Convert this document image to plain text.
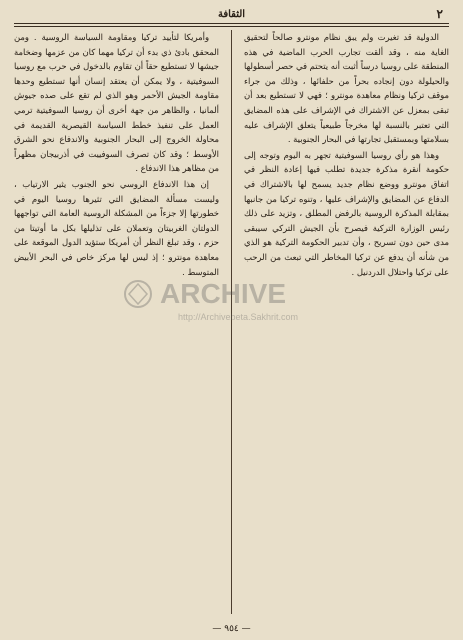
٢
الثقافة

الدولية قد تغيرت ولم يبق نظام مونترو صالحاً لتحقيق الغاية منه ، وقد ألقت تجارب الحرب الماضية في هذه المنطقة على روسيا درساً أثبت أنه يتحتم في حصر أسطولها والحيلولة دون إنجاده بحراً من حلفائها ، وذلك من جراء موقف تركيا ونظام معاهدة مونترو ؛ فهي لا تستطيع بعد أن تبقى بمعزل عن الاشتراك في الإشراف على هذه المضايق التي تعتبر بالنسبة لها مخرجاً طبيعياً يتعلق الإشراف عليه بسلامتها وبمستقبل تجارتها في البحار الجنوبية .

وهذا هو رأي روسيا السوفيتية تجهر به اليوم وتوجه إلى حكومة أنقرة مذكرة جديدة تطلب فيها إعادة النظر في اتفاق مونترو ووضع نظام جديد يسمح لها بالاشتراك في الدفاع عن المضايق والإشراف عليها ، وتنوه تركيا من جانبها بمقابلة المذكرة الروسية بالرفض المطلق ، وتزيد على ذلك رئيس الوزارة التركية فيصرح بأن الجيش التركي سيبقى مدى حين دون تسريح ، وأن تدبير الحكومة التركية هو الذي من شأنه أن يدفع عن تركيا المخاطر التي تبعث من الرحب على تركيا واحتلال الدردنيل .

وأمريكا لتأييد تركيا ومقاومة السياسة الروسية . ومن المحقق بادئ ذي بدء أن تركيا مهما كان من عزمها وضخامة جيشها لا تستطيع حقاً أن تقاوم بالدخول في حرب مع روسيا السوفيتية ، ولا يمكن أن يعتقد إنسان أنها تستطيع وحدها مقاومة الجيش الأحمر وهو الذي لم تقع على صده جيوش ألمانيا ، والظاهر من جهة أخرى أن روسيا السوفيتية ترمي العمل على تنفيذ خطط السياسة القيصرية القديمة في محاولة الخروج إلى البحار الجنوبية والاندفاع نحو الشرق الأوسط ؛ وقد كان تصرف السوفييت في أذربيجان مظهراً من مظاهر هذا الاندفاع .

إن هذا الاندفاع الروسي نحو الجنوب يثير الارتياب ، وليست مسألة المضايق التي تثيرها روسيا اليوم في خطورتها إلا جزءاً من المشكلة الروسية العامة التي تواجهها الدولتان الغربيتان وتعملان على تذليلها بكل ما أوتيتا من حزم ، وقد تبلغ النظر أن أمريكا ستؤيد الدول الموقعة على معاهدة مونترو ؛ إذ ليس لها مركز خاص في البحر الأبيض المتوسط .

ARCHIVE
http://Archivebeta.Sakhrit.com
— ٩٥٤ —
